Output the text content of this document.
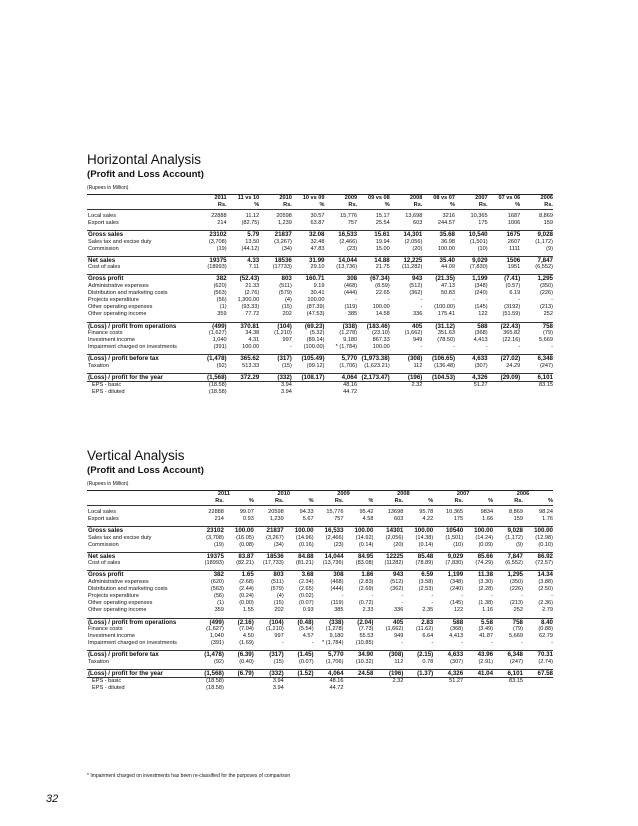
Horizontal Analysis
(Profit and Loss Account)
(Rupees in Million)
	2011	11 vs 10	2010	10 vs 09	2009	09 vs 08	2008	08 vs 07	2007	07 vs 06	2006
	Rs.	%	Rs.	%	Rs.	%	Rs.	%	Rs.	%	Rs.

Local sales	22888	11.12	20598	30.57	15,776	15.17	13,698	3216	10,365	1687	8,869
Export sales	214	(82.75)	1,239	63.87	757	25.54	603	244.57	175	1006	159

Gross sales	23102	5.79	21837	32.08	16,533	15.61	14,301	35.68	10,540	1675	9,028
Sales tax and excise duty	(3,708)	13.50	(3,267)	32.48	(2,466)	19.94	(2,056)	36.98	(1,501)	2607	(1,172)
Commission	(19)	(44.12)	(34)	47.83	(23)	15.00	(20)	100.00	(10)	1111	(9)

Net sales	19375	4.33	18536	31.99	14,044	14.88	12,225	35.40	9,029	1506	7,847
Cost of sales	(18993)	7.11	(17733)	29.10	(13,736)	21.75	(11,282)	44.09	(7,830)	1951	(6,552)

Gross profit	382	(52.43)	803	160.71	308	(67.34)	943	(21.35)	1,199	(7.41)	1,295
Administrative expenses	(620)	21.33	(511)	9.19	(468)	(8.59)	(512)	47.13	(348)	(0.57)	(350)
Distribution and marketing costs	(563)	(2.76)	(579)	30.41	(444)	22.65	(362)	50.83	(240)	6.19	(226)
Projects expenditure	(56)	1,300.00	(4)	100.00	-	-	-	-	-	-	-
Other operating expenses	(1)	(93.33)	(15)	(87.39)	(119)	100.00	-	(100.00)	(145)	(3192)	(213)
Other operating income	359	77.72	202	(47.53)	385	14.58	336	175.41	122	(51.59)	252

(Loss) / profit from operations	(499)	370.81	(104)	(69.23)	(338)	(183.46)	405	(31.12)	588	(22.43)	758
Finance costs	(1,627)	34.38	(1,210)	(5.32)	(1,278)	(23.10)	(1,662)	351.63	(368)	365.82	(79)
Investment income	1,040	4.31	997	(89.14)	9,180	867.33	949	(78.50)	4,413	(22.16)	5,669
Impairment charged on investments	(391)	100.00	-	(100.00)	* (1,784)	100.00	-	-	-	-	-

(Loss) / profit before tax	(1,478)	365.62	(317)	(105.49)	5,770	(1,973.38)	(308)	(106.65)	4,633	(27.02)	6,348
Taxation	(92)	513.33	(15)	(99.12)	(1,706)	(1,623.21)	112	(136.48)	(307)	24.29	(247)

(Loss) / profit for the year	(1,568)	372.29	(332)	(108.17)	4,064	(2,173.47)	(196)	(104.53)	4,326	(29.09)	6,101
EPS - basic	(18.58)		3.94		48.16		2.32		51.27		83.15
EPS - diluted	(18.58)		3.94		44.72						
Vertical Analysis
(Profit and Loss Account)
(Rupees in Million)
	2011		2010		2009		2008		2007		2006	
	Rs.	%	Rs.	%	Rs.	%	Rs.	%	Rs.	%	Rs.	%

Local sales	22888	99.07	20598	94.33	15,776	95.42	13698	95.78	10,365	9834	8,869	98.24
Export sales	214	0.93	1,239	5.67	757	4.58	603	4.22	175	1.66	159	1.76

Gross sales	23102	100.00	21837	100.00	16,533	100.00	14301	100.00	10540	100.00	9,028	100.00
Sales tax and excise duty	(3,708)	(16.05)	(3,267)	(14.96)	(2,466)	(14.92)	(2,056)	(14.38)	(1,501)	(14.24)	(1,172)	(12.98)
Commission	(19)	(0.08)	(34)	(0.16)	(23)	(0.14)	(20)	(0.14)	(10)	(0.09)	(9)	(0.10)

Net sales	19375	83.87	18536	84.88	14,044	84.95	12225	85.48	9,029	85.66	7,847	86.92
Cost of sales	(18993)	(82.21)	(17,733)	(81.21)	(13,736)	(83.08)	(11282)	(78.89)	(7,830)	(74.29)	(6,552)	(72.57)

Gross profit	382	1.65	803	3.68	308	1.86	943	6.59	1,199	11.38	1,295	14.34
Administrative expenses	(620)	(2.68)	(511)	(2.34)	(468)	(2.83)	(512)	(3.58)	(348)	(3.30)	(350)	(3.88)
Distribution and marketing costs	(563)	(2.44)	(579)	(2.65)	(444)	(2.69)	(362)	(2.53)	(240)	(2.28)	(226)	(2.50)
Projects expenditure	(56)	(0.24)	(4)	(0.02)	-	-	-	-	-	-	-	-
Other operating expenses	(1)	(0.00)	(15)	(0.07)	(119)	(0.72)	-	-	(145)	(1.38)	(213)	(2.36)
Other operating income	359	1.55	202	0.93	385	2.33	336	2.35	122	1.16	252	2.79

(Loss) / profit from operations	(499)	(2.16)	(104)	(0.48)	(338)	(2.04)	405	2.83	588	5.58	758	8.40
Finance costs	(1,627)	(7.04)	(1,210)	(5.54)	(1,278)	(7.73)	(1,662)	(11.62)	(368)	(3.49)	(79)	(0.88)
Investment income	1,040	4.50	997	4.57	9,180	55.53	949	6.64	4,413	41.87	5,669	62.79
Impairment charged on investments	(391)	(1.69)	-	-	* (1,784)	(10.85)	-	-	-	-	-	-

(Loss) / profit before tax	(1,478)	(6.39)	(317)	(1.45)	5,770	34.90	(308)	(2.15)	4,633	43.96	6,348	70.31
Taxation	(92)	(0.40)	(15)	(0.07)	(1,706)	(10.32)	112	0.78	(307)	(2.91)	(247)	(2.74)

(Loss) / profit for the year	(1,568)	(6.79)	(332)	(1.52)	4,064	24.58	(196)	(1.37)	4,326	41.04	6,101	67.58
EPS - basic	(18.58)		3.94		48.16		2.32		51.27		83.15	
EPS - diluted	(18.58)		3.94		44.72							
* Impairment charged on investments has been re-classified for the purposes of comparison
32
